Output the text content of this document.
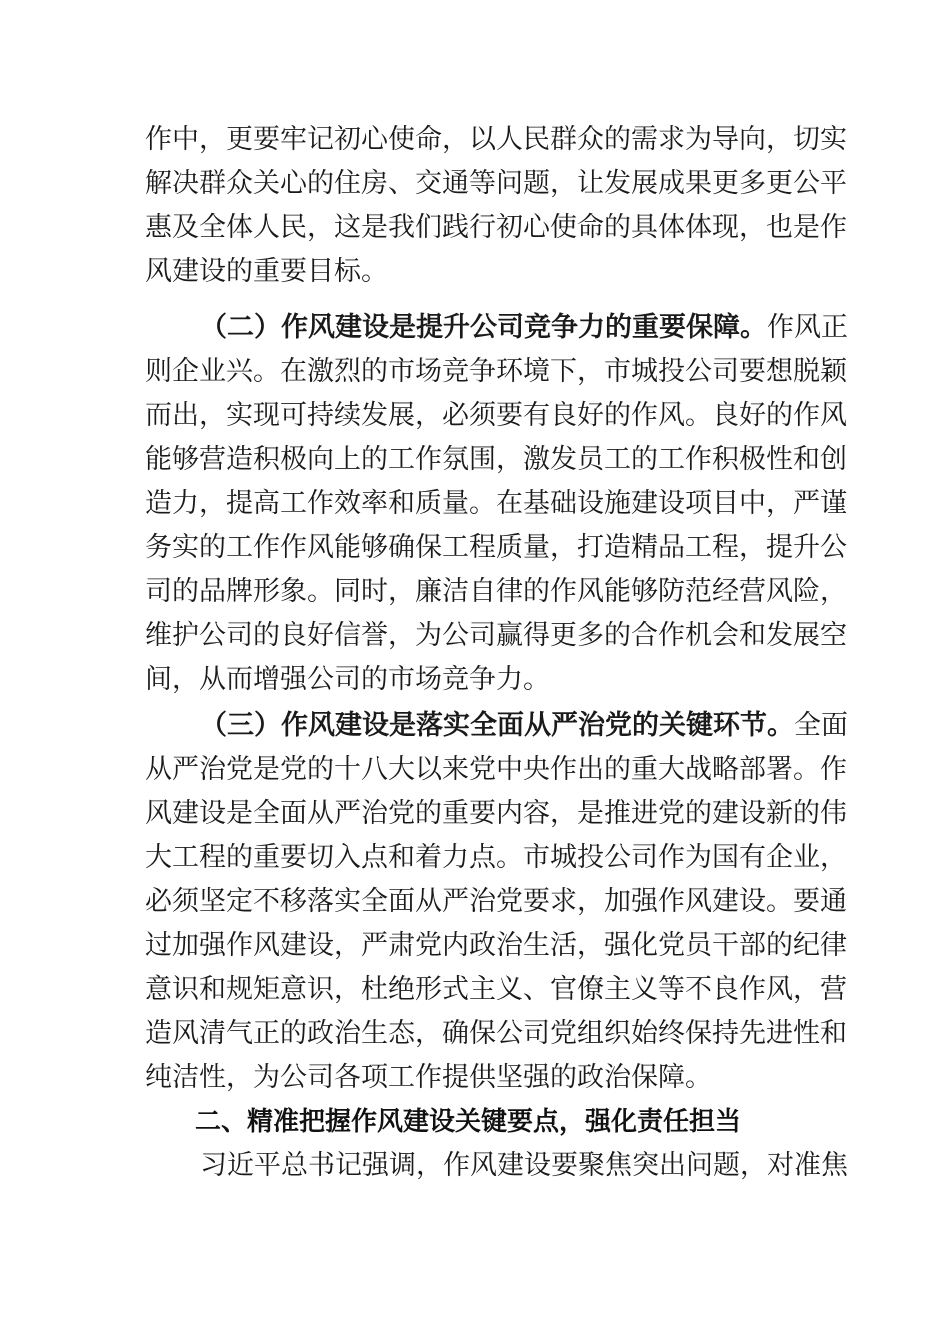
作中，更要牢记初心使命，以人民群众的需求为导向，切实
解决群众关心的住房、交通等问题，让发展成果更多更公平
惠及全体人民，这是我们践行初心使命的具体体现，也是作
风建设的重要目标。
（二）作风建设是提升公司竞争力的重要保障。作风正
则企业兴。在激烈的市场竞争环境下，市城投公司要想脱颖
而出，实现可持续发展，必须要有良好的作风。良好的作风
能够营造积极向上的工作氛围，激发员工的工作积极性和创
造力，提高工作效率和质量。在基础设施建设项目中，严谨
务实的工作作风能够确保工程质量，打造精品工程，提升公
司的品牌形象。同时，廉洁自律的作风能够防范经营风险，
维护公司的良好信誉，为公司赢得更多的合作机会和发展空
间，从而增强公司的市场竞争力。
（三）作风建设是落实全面从严治党的关键环节。全面
从严治党是党的十八大以来党中央作出的重大战略部署。作
风建设是全面从严治党的重要内容，是推进党的建设新的伟
大工程的重要切入点和着力点。市城投公司作为国有企业，
必须坚定不移落实全面从严治党要求，加强作风建设。要通
过加强作风建设，严肃党内政治生活，强化党员干部的纪律
意识和规矩意识，杜绝形式主义、官僚主义等不良作风，营
造风清气正的政治生态，确保公司党组织始终保持先进性和
纯洁性，为公司各项工作提供坚强的政治保障。
二、精准把握作风建设关键要点，强化责任担当
习近平总书记强调，作风建设要聚焦突出问题，对准焦
